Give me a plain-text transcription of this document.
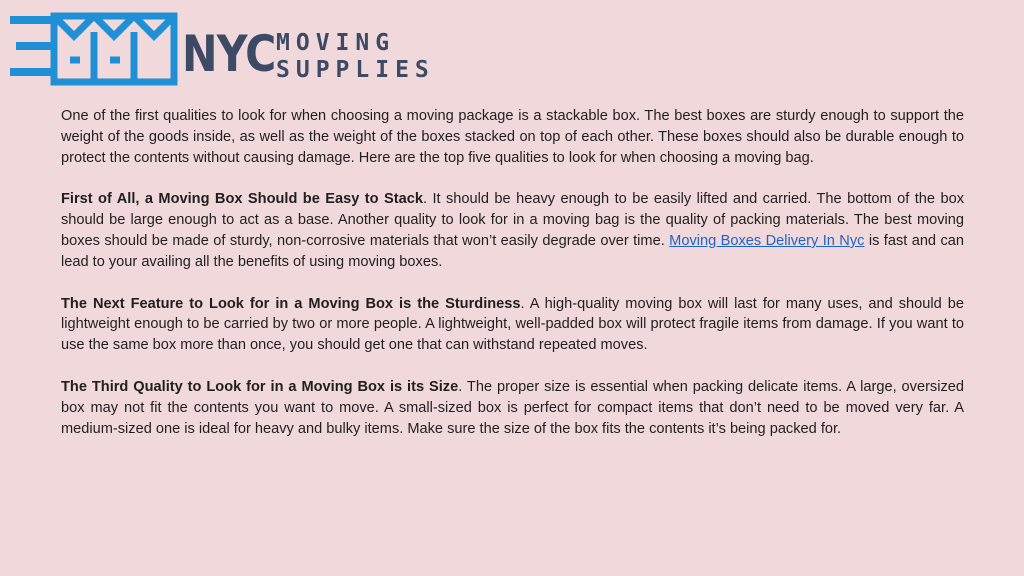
NYC MOVING
SUPPLIES

One of the first qualities to look for when choosing a moving package is a stackable box. The best boxes are sturdy enough to support the weight of the goods inside, as well as the weight of the boxes stacked on top of each other. These boxes should also be durable enough to protect the contents without causing damage. Here are the top five qualities to look for when choosing a moving bag.

First of All, a Moving Box Should be Easy to Stack. It should be heavy enough to be easily lifted and carried. The bottom of the box should be large enough to act as a base. Another quality to look for in a moving bag is the quality of packing materials. The best moving boxes should be made of sturdy, non-corrosive materials that won’t easily degrade over time. Moving Boxes Delivery In Nyc is fast and can lead to your availing all the benefits of using moving boxes.

The Next Feature to Look for in a Moving Box is the Sturdiness. A high-quality moving box will last for many uses, and should be lightweight enough to be carried by two or more people. A lightweight, well-padded box will protect fragile items from damage. If you want to use the same box more than once, you should get one that can withstand repeated moves.

The Third Quality to Look for in a Moving Box is its Size. The proper size is essential when packing delicate items. A large, oversized box may not fit the contents you want to move. A small-sized box is perfect for compact items that don’t need to be moved very far. A medium-sized one is ideal for heavy and bulky items. Make sure the size of the box fits the contents it’s being packed for.
